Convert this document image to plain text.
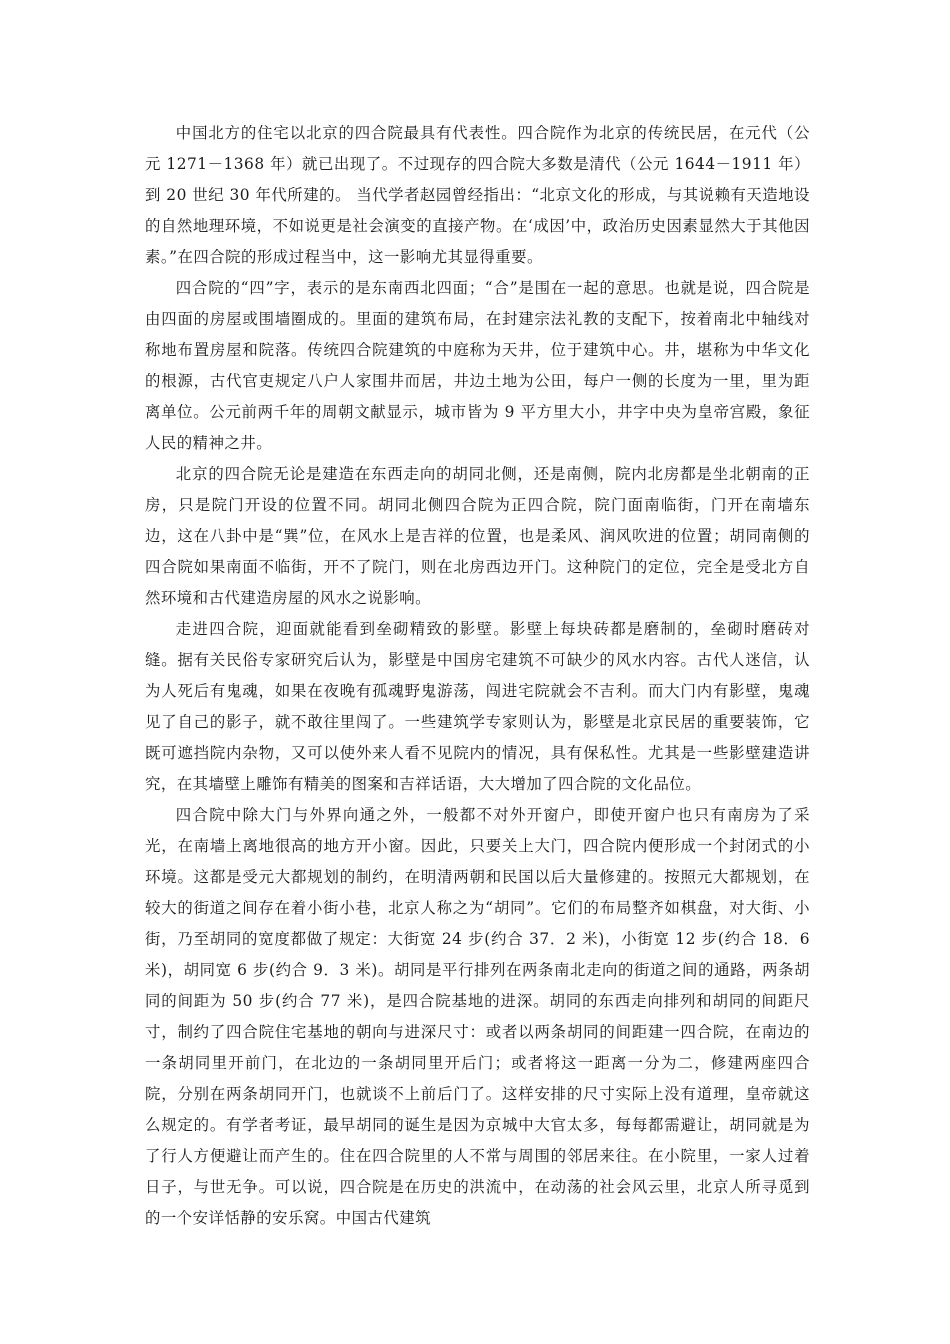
中国北方的住宅以北京的四合院最具有代表性。四合院作为北京的传统民居，在元代（公元 1271－1368 年）就已出现了。不过现存的四合院大多数是清代（公元 1644－1911 年）到 20 世纪 30 年代所建的。 当代学者赵园曾经指出：“北京文化的形成，与其说赖有天造地设的自然地理环境，不如说更是社会演变的直接产物。在‘成因’中，政治历史因素显然大于其他因素。”在四合院的形成过程当中，这一影响尤其显得重要。

四合院的“四”字，表示的是东南西北四面；“合”是围在一起的意思。也就是说，四合院是由四面的房屋或围墙圈成的。里面的建筑布局，在封建宗法礼教的支配下，按着南北中轴线对称地布置房屋和院落。传统四合院建筑的中庭称为天井，位于建筑中心。井，堪称为中华文化的根源，古代官吏规定八户人家围井而居，井边土地为公田，每户一侧的长度为一里，里为距离单位。公元前两千年的周朝文献显示，城市皆为 9 平方里大小，井字中央为皇帝宫殿，象征人民的精神之井。

北京的四合院无论是建造在东西走向的胡同北侧，还是南侧，院内北房都是坐北朝南的正房，只是院门开设的位置不同。胡同北侧四合院为正四合院，院门面南临街，门开在南墙东边，这在八卦中是“巽”位，在风水上是吉祥的位置，也是柔风、润风吹进的位置；胡同南侧的四合院如果南面不临街，开不了院门，则在北房西边开门。这种院门的定位，完全是受北方自然环境和古代建造房屋的风水之说影响。

走进四合院，迎面就能看到垒砌精致的影壁。影壁上每块砖都是磨制的，垒砌时磨砖对缝。据有关民俗专家研究后认为，影壁是中国房宅建筑不可缺少的风水内容。古代人迷信，认为人死后有鬼魂，如果在夜晚有孤魂野鬼游荡，闯进宅院就会不吉利。而大门内有影壁，鬼魂见了自己的影子，就不敢往里闯了。一些建筑学专家则认为，影壁是北京民居的重要装饰，它既可遮挡院内杂物，又可以使外来人看不见院内的情况，具有保私性。尤其是一些影壁建造讲究，在其墙壁上雕饰有精美的图案和吉祥话语，大大增加了四合院的文化品位。

四合院中除大门与外界向通之外，一般都不对外开窗户，即使开窗户也只有南房为了采光，在南墙上离地很高的地方开小窗。因此，只要关上大门，四合院内便形成一个封闭式的小环境。这都是受元大都规划的制约，在明清两朝和民国以后大量修建的。按照元大都规划，在较大的街道之间存在着小街小巷，北京人称之为“胡同”。它们的布局整齐如棋盘，对大街、小街，乃至胡同的宽度都做了规定：大街宽 24 步(约合 37．2 米)，小街宽 12 步(约合 18．6 米)，胡同宽 6 步(约合 9．3 米)。胡同是平行排列在两条南北走向的街道之间的通路，两条胡同的间距为 50 步(约合 77 米)，是四合院基地的进深。胡同的东西走向排列和胡同的间距尺寸，制约了四合院住宅基地的朝向与进深尺寸：或者以两条胡同的间距建一四合院，在南边的一条胡同里开前门，在北边的一条胡同里开后门；或者将这一距离一分为二，修建两座四合院，分别在两条胡同开门，也就谈不上前后门了。这样安排的尺寸实际上没有道理，皇帝就这么规定的。有学者考证，最早胡同的诞生是因为京城中大官太多，每每都需避让，胡同就是为了行人方便避让而产生的。住在四合院里的人不常与周围的邻居来往。在小院里，一家人过着日子，与世无争。可以说，四合院是在历史的洪流中，在动荡的社会风云里，北京人所寻觅到的一个安详恬静的安乐窝。中国古代建筑
